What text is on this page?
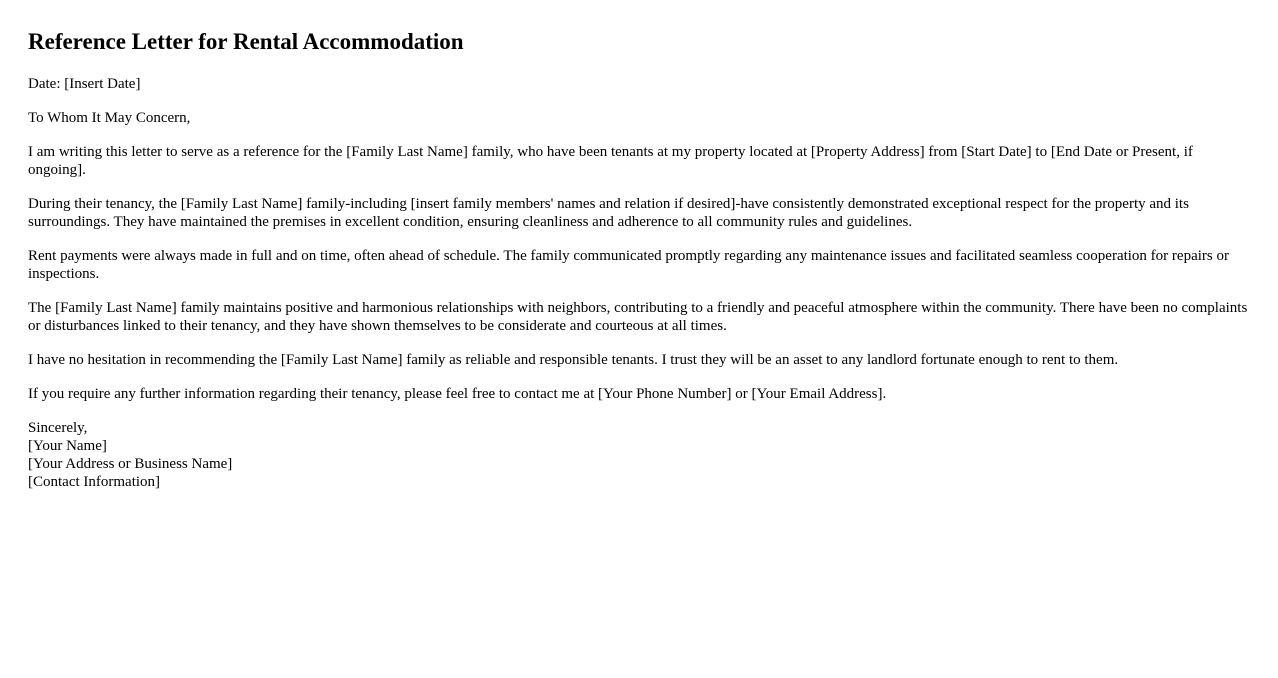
Reference Letter for Rental Accommodation

Date: [Insert Date]

To Whom It May Concern,

I am writing this letter to serve as a reference for the [Family Last Name] family, who have been tenants at my property located at [Property Address] from [Start Date] to [End Date or Present, if ongoing].

During their tenancy, the [Family Last Name] family-including [insert family members' names and relation if desired]-have consistently demonstrated exceptional respect for the property and its surroundings. They have maintained the premises in excellent condition, ensuring cleanliness and adherence to all community rules and guidelines.

Rent payments were always made in full and on time, often ahead of schedule. The family communicated promptly regarding any maintenance issues and facilitated seamless cooperation for repairs or inspections.

The [Family Last Name] family maintains positive and harmonious relationships with neighbors, contributing to a friendly and peaceful atmosphere within the community. There have been no complaints or disturbances linked to their tenancy, and they have shown themselves to be considerate and courteous at all times.

I have no hesitation in recommending the [Family Last Name] family as reliable and responsible tenants. I trust they will be an asset to any landlord fortunate enough to rent to them.

If you require any further information regarding their tenancy, please feel free to contact me at [Your Phone Number] or [Your Email Address].

Sincerely,
[Your Name]
[Your Address or Business Name]
[Contact Information]
